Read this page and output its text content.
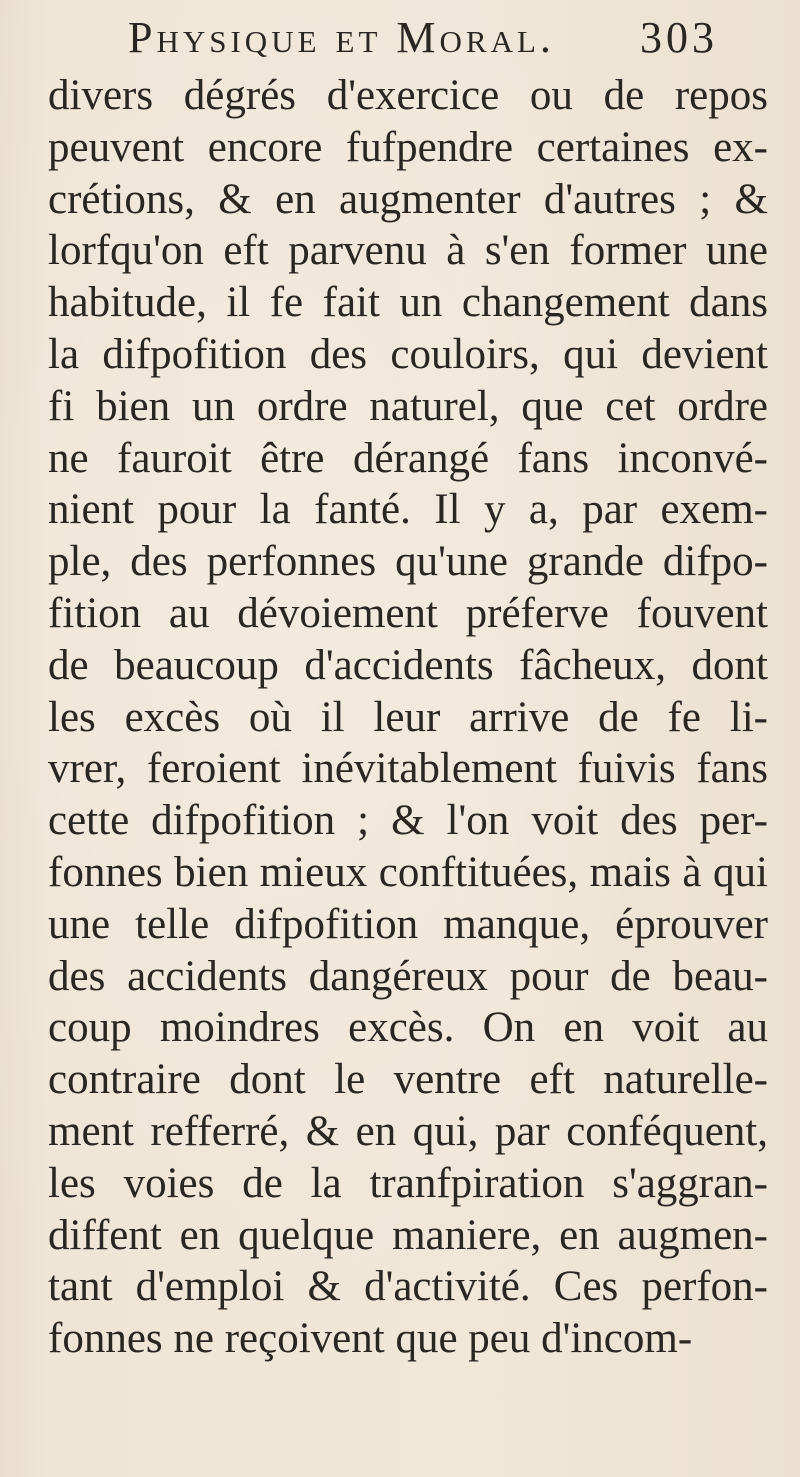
Physique et Moral. 303
divers dégrés d'exercice ou de repos
peuvent encore fufpendre certaines ex-
crétions, & en augmenter d'autres ; &
lorfqu'on eft parvenu à s'en former une
habitude, il fe fait un changement dans
la difpofition des couloirs, qui devient
fi bien un ordre naturel, que cet ordre
ne fauroit être dérangé fans inconvé-
nient pour la fanté. Il y a, par exem-
ple, des perfonnes qu'une grande difpo-
fition au dévoiement préferve fouvent
de beaucoup d'accidents fâcheux, dont
les excès où il leur arrive de fe li-
vrer, feroient inévitablement fuivis fans
cette difpofition ; & l'on voit des per-
fonnes bien mieux conftituées, mais à qui
une telle difpofition manque, éprouver
des accidents dangéreux pour de beau-
coup moindres excès. On en voit au
contraire dont le ventre eft naturelle-
ment refferré, & en qui, par conféquent,
les voies de la tranfpiration s'aggran-
diffent en quelque maniere, en augmen-
tant d'emploi & d'activité. Ces perfon-
fonnes ne reçoivent que peu d'incom-
